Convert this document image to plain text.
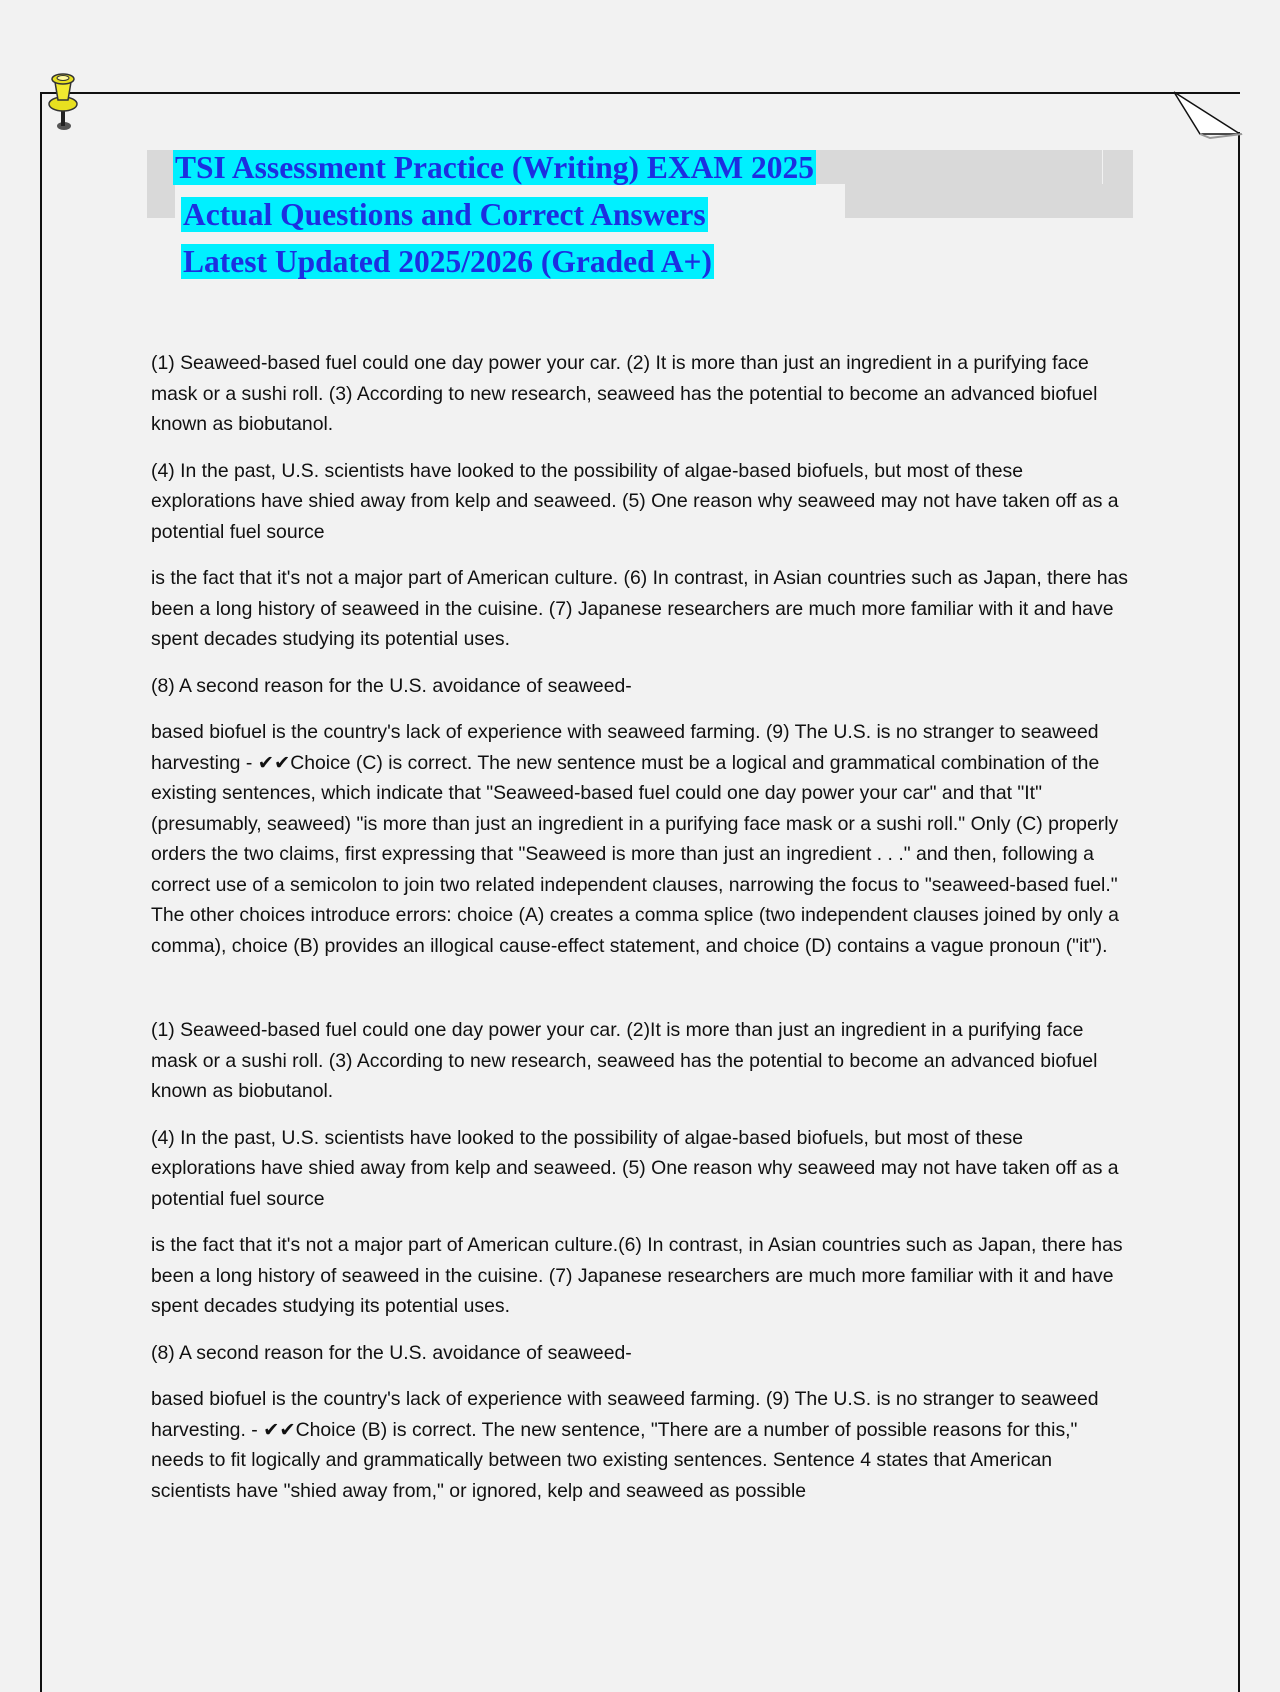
TSI Assessment Practice (Writing) EXAM 2025
Actual Questions and Correct Answers
Latest Updated 2025/2026 (Graded A+)

(1) Seaweed-based fuel could one day power your car. (2) It is more than just an ingredient in a purifying face mask or a sushi roll. (3) According to new research, seaweed has the potential to become an advanced biofuel known as biobutanol.

(4) In the past, U.S. scientists have looked to the possibility of algae-based biofuels, but most of these explorations have shied away from kelp and seaweed. (5) One reason why seaweed may not have taken off as a potential fuel source

is the fact that it's not a major part of American culture. (6) In contrast, in Asian countries such as Japan, there has been a long history of seaweed in the cuisine. (7) Japanese researchers are much more familiar with it and have spent decades studying its potential uses.

(8) A second reason for the U.S. avoidance of seaweed-

based biofuel is the country's lack of experience with seaweed farming. (9) The U.S. is no stranger to seaweed harvesting - ✔✔Choice (C) is correct. The new sentence must be a logical and grammatical combination of the existing sentences, which indicate that "Seaweed-based fuel could one day power your car" and that "It" (presumably, seaweed) "is more than just an ingredient in a purifying face mask or a sushi roll." Only (C) properly orders the two claims, first expressing that "Seaweed is more than just an ingredient . . ." and then, following a correct use of a semicolon to join two related independent clauses, narrowing the focus to "seaweed-based fuel." The other choices introduce errors: choice (A) creates a comma splice (two independent clauses joined by only a comma), choice (B) provides an illogical cause-effect statement, and choice (D) contains a vague pronoun ("it").

(1) Seaweed-based fuel could one day power your car. (2)It is more than just an ingredient in a purifying face mask or a sushi roll. (3) According to new research, seaweed has the potential to become an advanced biofuel known as biobutanol.

(4) In the past, U.S. scientists have looked to the possibility of algae-based biofuels, but most of these explorations have shied away from kelp and seaweed. (5) One reason why seaweed may not have taken off as a potential fuel source

is the fact that it's not a major part of American culture.(6) In contrast, in Asian countries such as Japan, there has been a long history of seaweed in the cuisine. (7) Japanese researchers are much more familiar with it and have spent decades studying its potential uses.

(8) A second reason for the U.S. avoidance of seaweed-

based biofuel is the country's lack of experience with seaweed farming. (9) The U.S. is no stranger to seaweed harvesting. - ✔✔Choice (B) is correct. The new sentence, "There are a number of possible reasons for this," needs to fit logically and grammatically between two existing sentences. Sentence 4 states that American scientists have "shied away from," or ignored, kelp and seaweed as possible
